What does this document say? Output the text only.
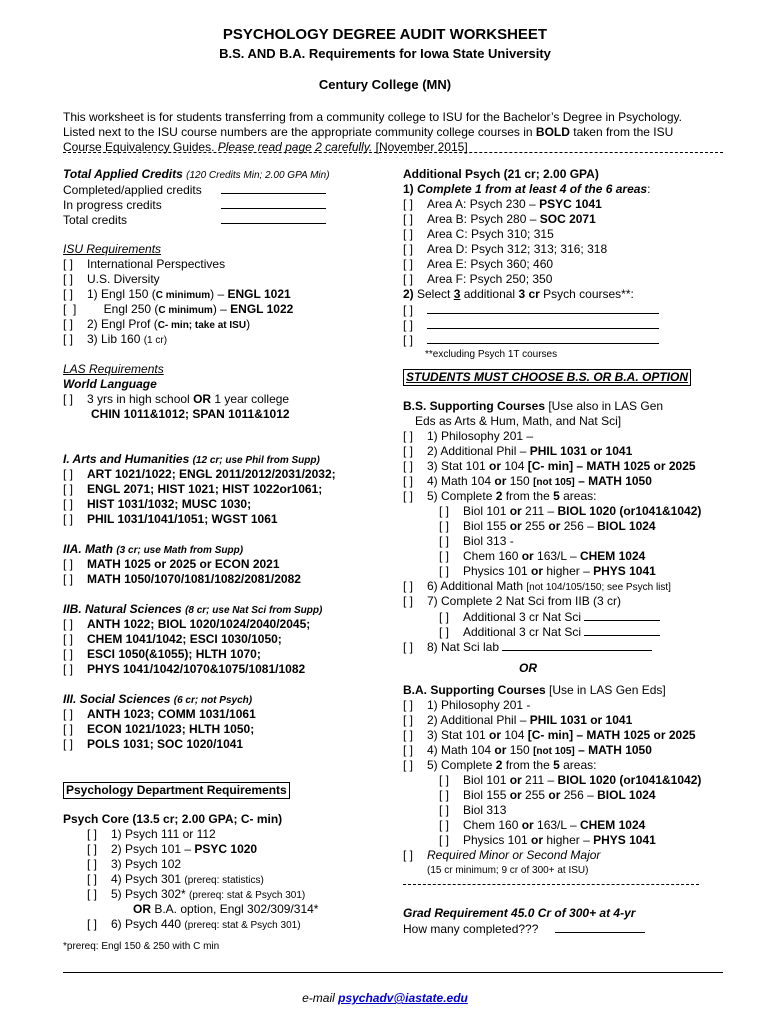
PSYCHOLOGY DEGREE AUDIT WORKSHEET
B.S. AND B.A. Requirements for Iowa State University
Century College (MN)
This worksheet is for students transferring from a community college to ISU for the Bachelor’s Degree in Psychology. Listed next to the ISU course numbers are the appropriate community college courses in BOLD taken from the ISU Course Equivalency Guides. Please read page 2 carefully. [November 2015]
Total Applied Credits (120 Credits Min; 2.00 GPA Min)
Completed/applied credits
In progress credits
Total credits
ISU Requirements
[ ] International Perspectives
[ ] U.S. Diversity
[ ] 1) Engl 150 (C minimum) – ENGL 1021
[  ]     Engl 250 (C minimum) – ENGL 1022
[ ] 2) Engl Prof (C- min; take at ISU)
[ ] 3) Lib 160 (1 cr)
LAS Requirements
World Language
[ ] 3 yrs in high school OR 1 year college
CHIN 1011&1012; SPAN 1011&1012
I. Arts and Humanities (12 cr; use Phil from Supp)
[ ] ART 1021/1022; ENGL 2011/2012/2031/2032;
[ ] ENGL 2071; HIST 1021; HIST 1022or1061;
[ ] HIST 1031/1032; MUSC 1030;
[ ] PHIL 1031/1041/1051; WGST 1061
IIA. Math (3 cr; use Math from Supp)
[ ] MATH 1025 or 2025 or ECON 2021
[ ] MATH 1050/1070/1081/1082/2081/2082
IIB. Natural Sciences (8 cr; use Nat Sci from Supp)
[ ] ANTH 1022; BIOL 1020/1024/2040/2045;
[ ] CHEM 1041/1042; ESCI 1030/1050;
[ ] ESCI 1050(&1055); HLTH 1070;
[ ] PHYS 1041/1042/1070&1075/1081/1082
III. Social Sciences (6 cr; not Psych)
[ ] ANTH 1023; COMM 1031/1061
[ ] ECON 1021/1023; HLTH 1050;
[ ] POLS 1031; SOC 1020/1041
Psychology Department Requirements
Psych Core (13.5 cr; 2.00 GPA; C- min)
[ ] 1) Psych 111 or 112
[ ] 2) Psych 101 – PSYC 1020
[ ] 3) Psych 102
[ ] 4) Psych 301 (prereq: statistics)
[ ] 5) Psych 302* (prereq: stat & Psych 301)
OR B.A. option, Engl 302/309/314*
[ ] 6) Psych 440 (prereq: stat & Psych 301)
*prereq: Engl 150 & 250 with C min
Additional Psych (21 cr; 2.00 GPA)
1) Complete 1 from at least 4 of the 6 areas:
[ ] Area A: Psych 230 – PSYC 1041
[ ] Area B: Psych 280 – SOC 2071
[ ] Area C: Psych 310; 315
[ ] Area D: Psych 312; 313; 316; 318
[ ] Area E: Psych 360; 460
[ ] Area F: Psych 250; 350
2) Select 3 additional 3 cr Psych courses**:
[ ]
[ ]
[ ]
**excluding Psych 1T courses
STUDENTS MUST CHOOSE B.S. OR B.A. OPTION
B.S. Supporting Courses [Use also in LAS Gen
Eds as Arts & Hum, Math, and Nat Sci]
[ ] 1) Philosophy 201 –
[ ] 2) Additional Phil – PHIL 1031 or 1041
[ ] 3) Stat 101 or 104 [C- min] – MATH 1025 or 2025
[ ] 4) Math 104 or 150 [not 105] – MATH 1050
[ ] 5) Complete 2 from the 5 areas:
[ ] Biol 101 or 211 – BIOL 1020 (or1041&1042)
[ ] Biol 155 or 255 or 256 – BIOL 1024
[ ] Biol 313 -
[ ] Chem 160 or 163/L – CHEM 1024
[ ] Physics 101 or higher – PHYS 1041
[ ] 6) Additional Math [not 104/105/150; see Psych list]
[ ] 7) Complete 2 Nat Sci from IIB (3 cr)
[ ] Additional 3 cr Nat Sci
[ ] Additional 3 cr Nat Sci
[ ] 8) Nat Sci lab
OR
B.A. Supporting Courses [Use in LAS Gen Eds]
[ ] 1) Philosophy 201 -
[ ] 2) Additional Phil – PHIL 1031 or 1041
[ ] 3) Stat 101 or 104 [C- min] – MATH 1025 or 2025
[ ] 4) Math 104 or 150 [not 105] – MATH 1050
[ ] 5) Complete 2 from the 5 areas:
[ ] Biol 101 or 211 – BIOL 1020 (or1041&1042)
[ ] Biol 155 or 255 or 256 – BIOL 1024
[ ] Biol 313
[ ] Chem 160 or 163/L – CHEM 1024
[ ] Physics 101 or higher – PHYS 1041
[ ] Required Minor or Second Major
(15 cr minimum; 9 cr of 300+ at ISU)
Grad Requirement 45.0 Cr of 300+ at 4-yr
How many completed???
e-mail psychadv@iastate.edu
